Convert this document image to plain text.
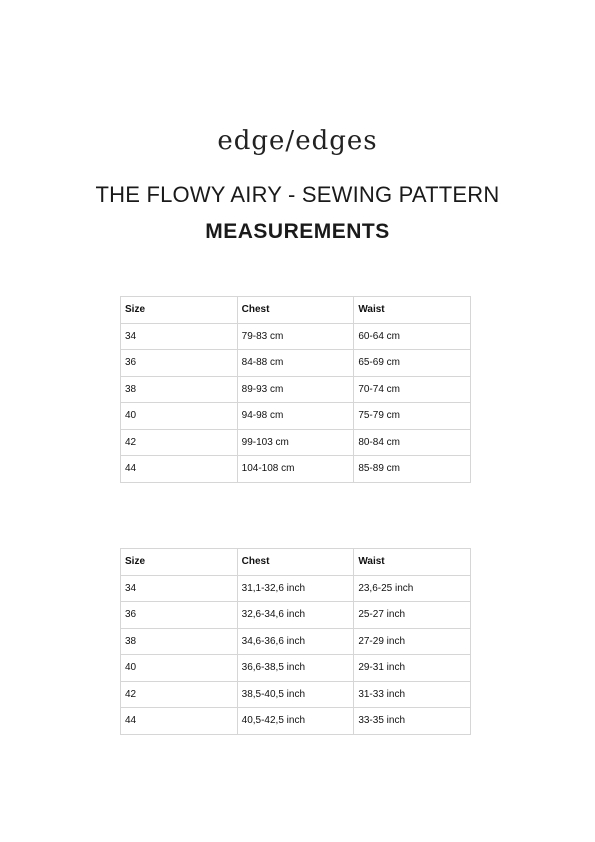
edge/edges
THE FLOWY AIRY - SEWING PATTERN
MEASUREMENTS
Size	Chest	Waist
34	79-83 cm	60-64 cm
36	84-88 cm	65-69 cm
38	89-93 cm	70-74 cm
40	94-98 cm	75-79 cm
42	99-103 cm	80-84 cm
44	104-108 cm	85-89 cm
Size	Chest	Waist
34	31,1-32,6 inch	23,6-25 inch
36	32,6-34,6 inch	25-27 inch
38	34,6-36,6 inch	27-29 inch
40	36,6-38,5 inch	29-31 inch
42	38,5-40,5 inch	31-33 inch
44	40,5-42,5 inch	33-35 inch
